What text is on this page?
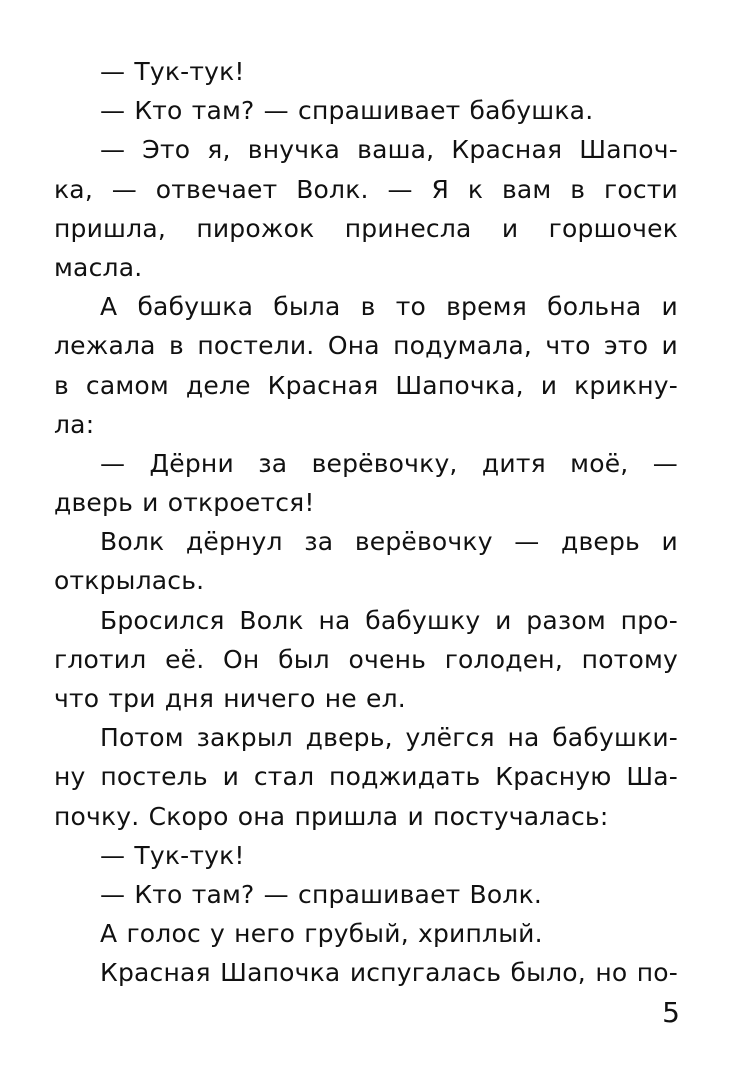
— Тук-тук!
— Кто там? — спрашивает бабушка.
— Это я, внучка ваша, Красная Шапоч-
ка, — отвечает Волк. — Я к вам в гости
пришла, пирожок принесла и горшочек
масла.
А бабушка была в то время больна и
лежала в постели. Она подумала, что это и
в самом деле Красная Шапочка, и крикну-
ла:
— Дёрни за верёвочку, дитя моё, —
дверь и откроется!
Волк дёрнул за верёвочку — дверь и
открылась.
Бросился Волк на бабушку и разом про-
глотил её. Он был очень голоден, потому
что три дня ничего не ел.
Потом закрыл дверь, улёгся на бабушки-
ну постель и стал поджидать Красную Ша-
почку. Скоро она пришла и постучалась:
— Тук-тук!
— Кто там? — спрашивает Волк.
А голос у него грубый, хриплый.
Красная Шапочка испугалась было, но по-
5
